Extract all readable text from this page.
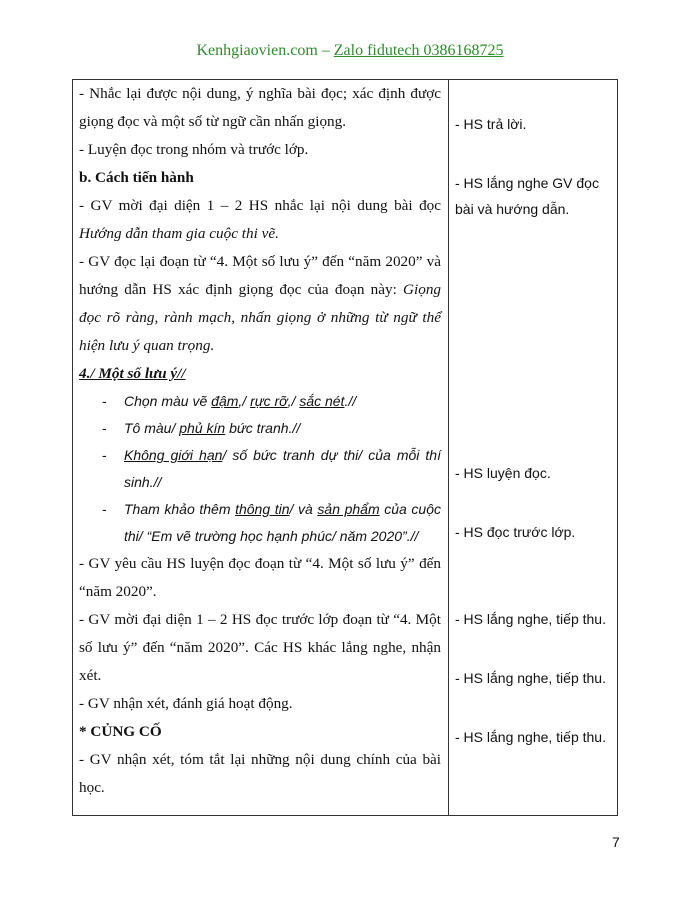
Kenhgiaovien.com – Zalo fidutech 0386168725

- Nhắc lại được nội dung, ý nghĩa bài đọc; xác định được giọng đọc và một số từ ngữ cần nhấn giọng.

- Luyện đọc trong nhóm và trước lớp.

b. Cách tiến hành

- GV mời đại diện 1 – 2 HS nhắc lại nội dung bài đọc Hướng dẫn tham gia cuộc thi vẽ.

- GV đọc lại đoạn từ “4. Một số lưu ý” đến “năm 2020” và hướng dẫn HS xác định giọng đọc của đoạn này: Giọng đọc rõ ràng, rành mạch, nhấn giọng ở những từ ngữ thể hiện lưu ý quan trọng.

4./ Một số lưu ý//

- Chọn màu vẽ đậm,/ rực rỡ,/ sắc nét.//
- Tô màu/ phủ kín bức tranh.//
- Không giới hạn/ số bức tranh dự thi/ của mỗi thí sinh.//
- Tham khảo thêm thông tin/ và sản phẩm của cuộc thi/ “Em vẽ trường học hạnh phúc/ năm 2020”.//

- GV yêu cầu HS luyện đọc đoạn từ “4. Một số lưu ý” đến “năm 2020”.

- GV mời đại diện 1 – 2 HS đọc trước lớp đoạn từ “4. Một số lưu ý” đến “năm 2020”. Các HS khác lắng nghe, nhận xét.

- GV nhận xét, đánh giá hoạt động.

* CỦNG CỐ

- GV nhận xét, tóm tắt lại những nội dung chính của bài học.

- HS trả lời.
- HS lắng nghe GV đọc bài và hướng dẫn.
- HS luyện đọc.
- HS đọc trước lớp.
- HS lắng nghe, tiếp thu.
- HS lắng nghe, tiếp thu.
- HS lắng nghe, tiếp thu.
7
